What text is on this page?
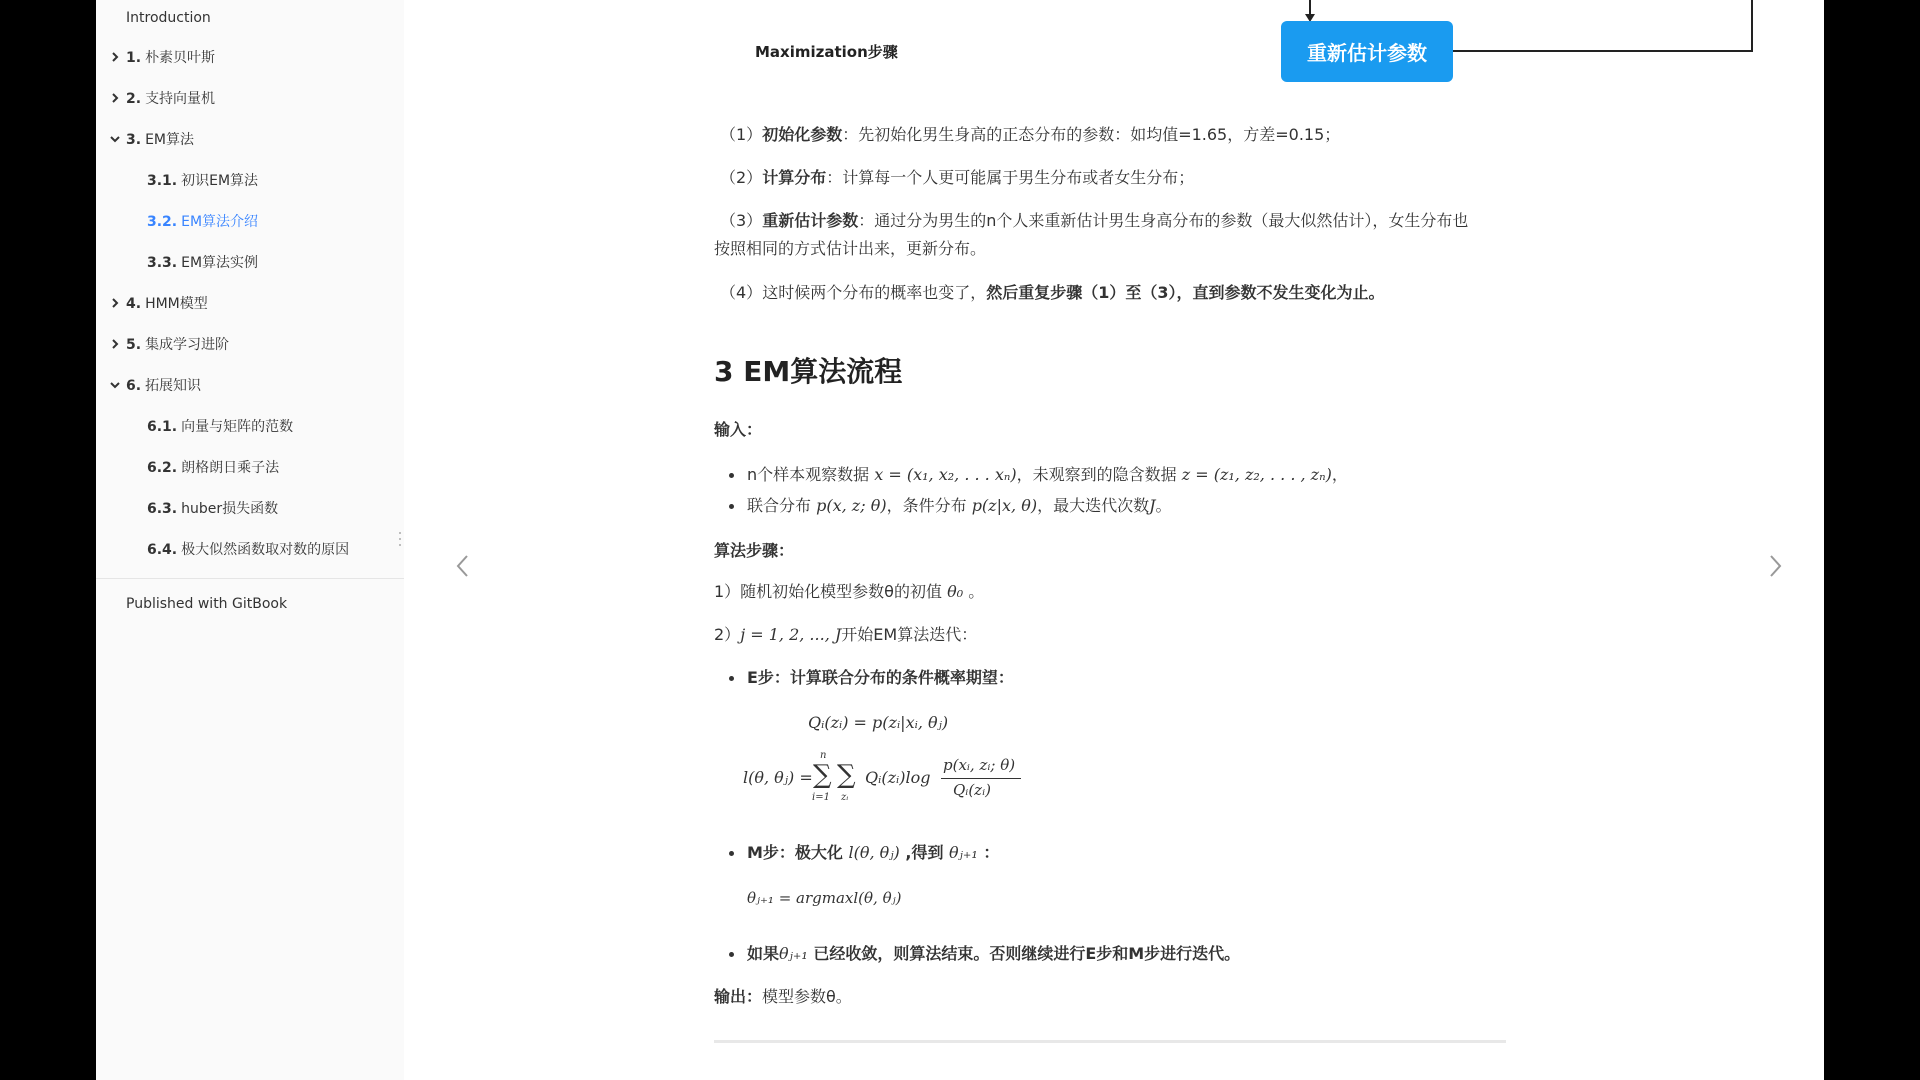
Introduction
1. 朴素贝叶斯
2. 支持向量机
3. EM算法
3.1. 初识EM算法
3.2. EM算法介绍
3.3. EM算法实例
4. HMM模型
5. 集成学习进阶
6. 拓展知识
6.1. 向量与矩阵的范数
6.2. 朗格朗日乘子法
6.3. huber损失函数
6.4. 极大似然函数取对数的原因
Published with GitBook
Maximization步骤	重新估计参数
（1）初始化参数：先初始化男生身高的正态分布的参数：如均值=1.65，方差=0.15；
（2）计算分布：计算每一个人更可能属于男生分布或者女生分布；
（3）重新估计参数：通过分为男生的n个人来重新估计男生身高分布的参数（最大似然估计），女生分布也
按照相同的方式估计出来，更新分布。
（4）这时候两个分布的概率也变了，然后重复步骤（1）至（3），直到参数不发生变化为止。
3 EM算法流程
输入：
n个样本观察数据 x = (x₁, x₂, . . . xₙ)，未观察到的隐含数据 z = (z₁, z₂, . . . , zₙ)，
联合分布 p(x, z; θ)，条件分布 p(z|x, θ)，最大迭代次数J。
算法步骤：
1）随机初始化模型参数θ的初值 θ₀ 。
2）j = 1, 2, ..., J开始EM算法迭代：
E步：计算联合分布的条件概率期望：
Qᵢ(zᵢ) = p(zᵢ|xᵢ, θⱼ)
l(θ, θⱼ) =
n
∑
i=1
∑
zᵢ
Qᵢ(zᵢ)log
p(xᵢ, zᵢ; θ)
Qᵢ(zᵢ)
M步：极大化 l(θ, θⱼ) ,得到 θⱼ₊₁ ：
θⱼ₊₁ = argmaxl(θ, θⱼ)
如果θⱼ₊₁ 已经收敛，则算法结束。否则继续进行E步和M步进行迭代。
输出：模型参数θ。
